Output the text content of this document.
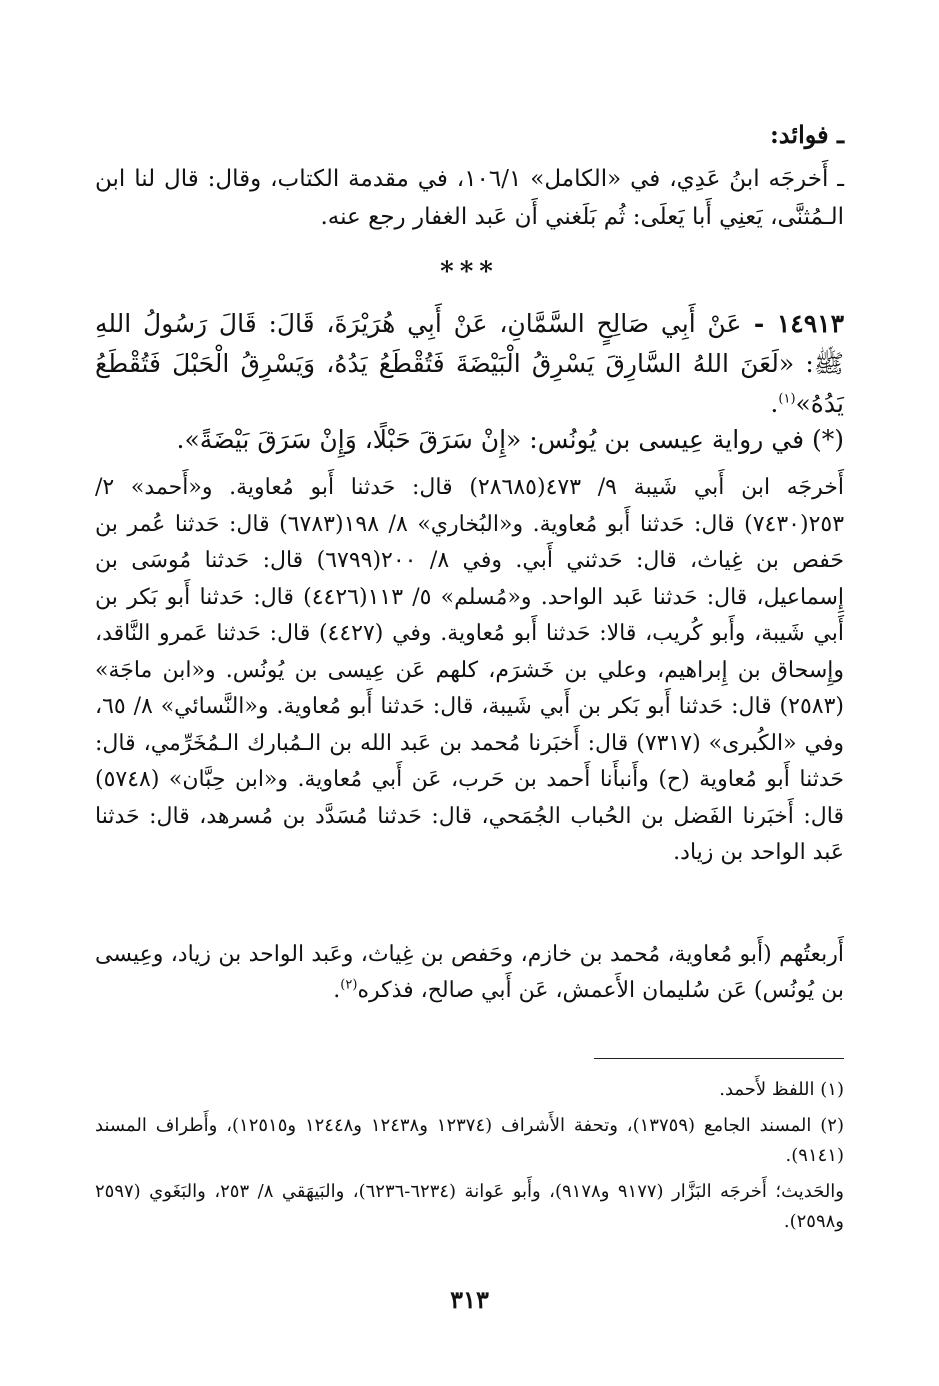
ـ فوائد:

ـ أَخرجَه ابنُ عَدِي، في «الكامل» ١٠٦/١، في مقدمة الكتاب، وقال: قال لنا ابن الـمُثنَّى، يَعنِي أَبا يَعلَى: ثُم بَلَغني أَن عَبد الغفار رجع عنه.

***

١٤٩١٣ - عَنْ أَبِي صَالِحٍ السَّمَّانِ، عَنْ أَبِي هُرَيْرَةَ، قَالَ: قَالَ رَسُولُ اللهِ ﷺ: «لَعَنَ اللهُ السَّارِقَ يَسْرِقُ الْبَيْضَةَ فَتُقْطَعُ يَدُهُ، وَيَسْرِقُ الْحَبْلَ فَتُقْطَعُ يَدُهُ»$^{(١)}$.

(*) في رواية عِيسى بن يُونُس: «إِنْ سَرَقَ حَبْلًا، وَإِنْ سَرَقَ بَيْضَةً».

أَخرجَه ابن أَبي شَيبة ٩/ ٤٧٣(٢٨٦٨٥) قال: حَدثنا أَبو مُعاوية. و«أَحمد» ٢/ ٢٥٣(٧٤٣٠) قال: حَدثنا أَبو مُعاوية. و«البُخاري» ٨/ ١٩٨(٦٧٨٣) قال: حَدثنا عُمر بن حَفص بن غِياث، قال: حَدثني أَبي. وفي ٨/ ٢٠٠(٦٧٩٩) قال: حَدثنا مُوسَى بن إِسماعيل، قال: حَدثنا عَبد الواحد. و«مُسلم» ٥/ ١١٣(٤٤٢٦) قال: حَدثنا أَبو بَكر بن أَبي شَيبة، وأَبو كُريب، قالا: حَدثنا أَبو مُعاوية. وفي (٤٤٢٧) قال: حَدثنا عَمرو النَّاقد، وإِسحاق بن إِبراهيم، وعلي بن خَشرَم، كلهم عَن عِيسى بن يُونُس. و«ابن ماجَة» (٢٥٨٣) قال: حَدثنا أَبو بَكر بن أَبي شَيبة، قال: حَدثنا أَبو مُعاوية. و«النَّسائي» ٨/ ٦٥، وفي «الكُبرى» (٧٣١٧) قال: أَخبَرنا مُحمد بن عَبد الله بن الـمُبارك الـمُخَرِّمي، قال: حَدثنا أَبو مُعاوية (ح) وأَنبأَنا أَحمد بن حَرب، عَن أَبي مُعاوية. و«ابن حِبَّان» (٥٧٤٨) قال: أَخبَرنا الفَضل بن الحُباب الجُمَحي، قال: حَدثنا مُسَدَّد بن مُسرهد، قال: حَدثنا عَبد الواحد بن زياد.

أَربعتُهم (أَبو مُعاوية، مُحمد بن خازم، وحَفص بن غِياث، وعَبد الواحد بن زياد، وعِيسى بن يُونُس) عَن سُليمان الأَعمش، عَن أَبي صالح، فذكره$^{(٢)}$.

(١) اللفظ لأَحمد.

(٢) المسند الجامع (١٣٧٥٩)، وتحفة الأَشراف (١٢٣٧٤ و١٢٤٣٨ و١٢٤٤٨ و١٢٥١٥)، وأَطراف المسند (٩١٤١).

والحَديث؛ أَخرجَه البَزَّار (٩١٧٧ و٩١٧٨)، وأَبو عَوانة (٦٢٣٤-٦٢٣٦)، والبَيهَقي ٨/ ٢٥٣، والبَغَوي (٢٥٩٧ و٢٥٩٨).

٣١٣
